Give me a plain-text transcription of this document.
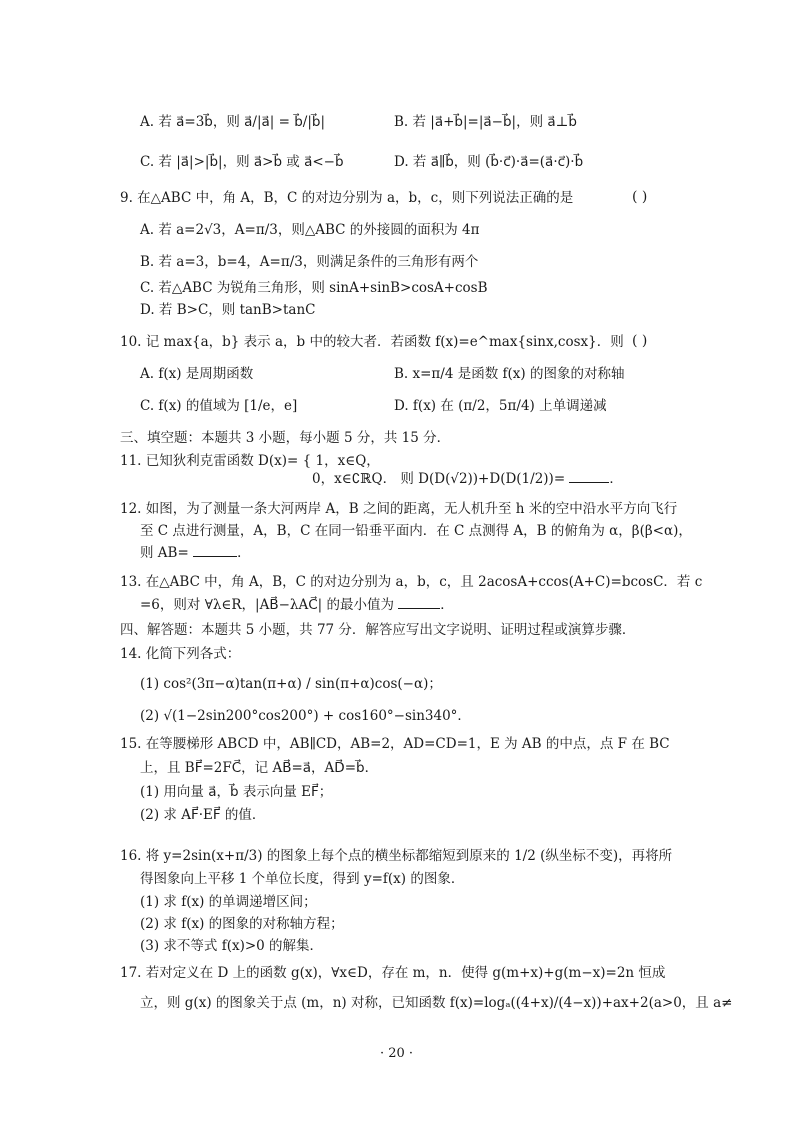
A. 若 a⃗=3b⃗，则 a⃗/|a⃗| = b⃗/|b⃗|	B. 若 |a⃗+b⃗|=|a⃗−b⃗|，则 a⃗⊥b⃗
C. 若 |a⃗|>|b⃗|，则 a⃗>b⃗ 或 a⃗<−b⃗	D. 若 a⃗∥b⃗，则 (b⃗·c⃗)·a⃗=(a⃗·c⃗)·b⃗
9. 在△ABC 中，角 A，B，C 的对边分别为 a，b，c，则下列说法正确的是	( )
A. 若 a=2√3，A=π/3，则△ABC 的外接圆的面积为 4π
B. 若 a=3，b=4，A=π/3，则满足条件的三角形有两个
C. 若△ABC 为锐角三角形，则 sinA+sinB>cosA+cosB
D. 若 B>C，则 tanB>tanC
10. 记 max{a，b} 表示 a，b 中的较大者．若函数 f(x)=e^max{sinx,cosx}．则 ( )
A. f(x) 是周期函数	B. x=π/4 是函数 f(x) 的图象的对称轴
C. f(x) 的值域为 [1/e，e]	D. f(x) 在 (π/2，5π/4) 上单调递减
三、填空题：本题共 3 小题，每小题 5 分，共 15 分．
11. 已知狄利克雷函数 D(x)= { 1，x∈Q，
0，x∈∁ℝQ． 则 D(D(√2))+D(D(1/2))=	．
12. 如图，为了测量一条大河两岸 A，B 之间的距离，无人机升至 h 米的空中沿水平方向飞行
至 C 点进行测量，A，B，C 在同一铅垂平面内．在 C 点测得 A，B 的俯角为 α，β(β<α)，
则 AB=	．
13. 在△ABC 中，角 A，B，C 的对边分别为 a，b，c，且 2acosA+ccos(A+C)=bcosC．若 c
=6，则对 ∀λ∈R，|AB⃗−λAC⃗| 的最小值为	．
四、解答题：本题共 5 小题，共 77 分．解答应写出文字说明、证明过程或演算步骤．
14. 化简下列各式：
(1) cos²(3π−α)tan(π+α) / sin(π+α)cos(−α)；
(2) √(1−2sin200°cos200°) + cos160°−sin340°．
15. 在等腰梯形 ABCD 中，AB∥CD，AB=2，AD=CD=1，E 为 AB 的中点，点 F 在 BC
上，且 BF⃗=2FC⃗，记 AB⃗=a⃗，AD⃗=b⃗．
(1) 用向量 a⃗，b⃗ 表示向量 EF⃗；
(2) 求 AF⃗·EF⃗ 的值．
16. 将 y=2sin(x+π/3) 的图象上每个点的横坐标都缩短到原来的 1/2 (纵坐标不变)，再将所
得图象向上平移 1 个单位长度，得到 y=f(x) 的图象．
(1) 求 f(x) 的单调递增区间；
(2) 求 f(x) 的图象的对称轴方程；
(3) 求不等式 f(x)>0 的解集．
17. 若对定义在 D 上的函数 g(x)，∀x∈D，存在 m，n．使得 g(m+x)+g(m−x)=2n 恒成
立，则 g(x) 的图象关于点 (m，n) 对称，已知函数 f(x)=logₐ((4+x)/(4−x))+ax+2(a>0，且 a≠
· 20 ·
